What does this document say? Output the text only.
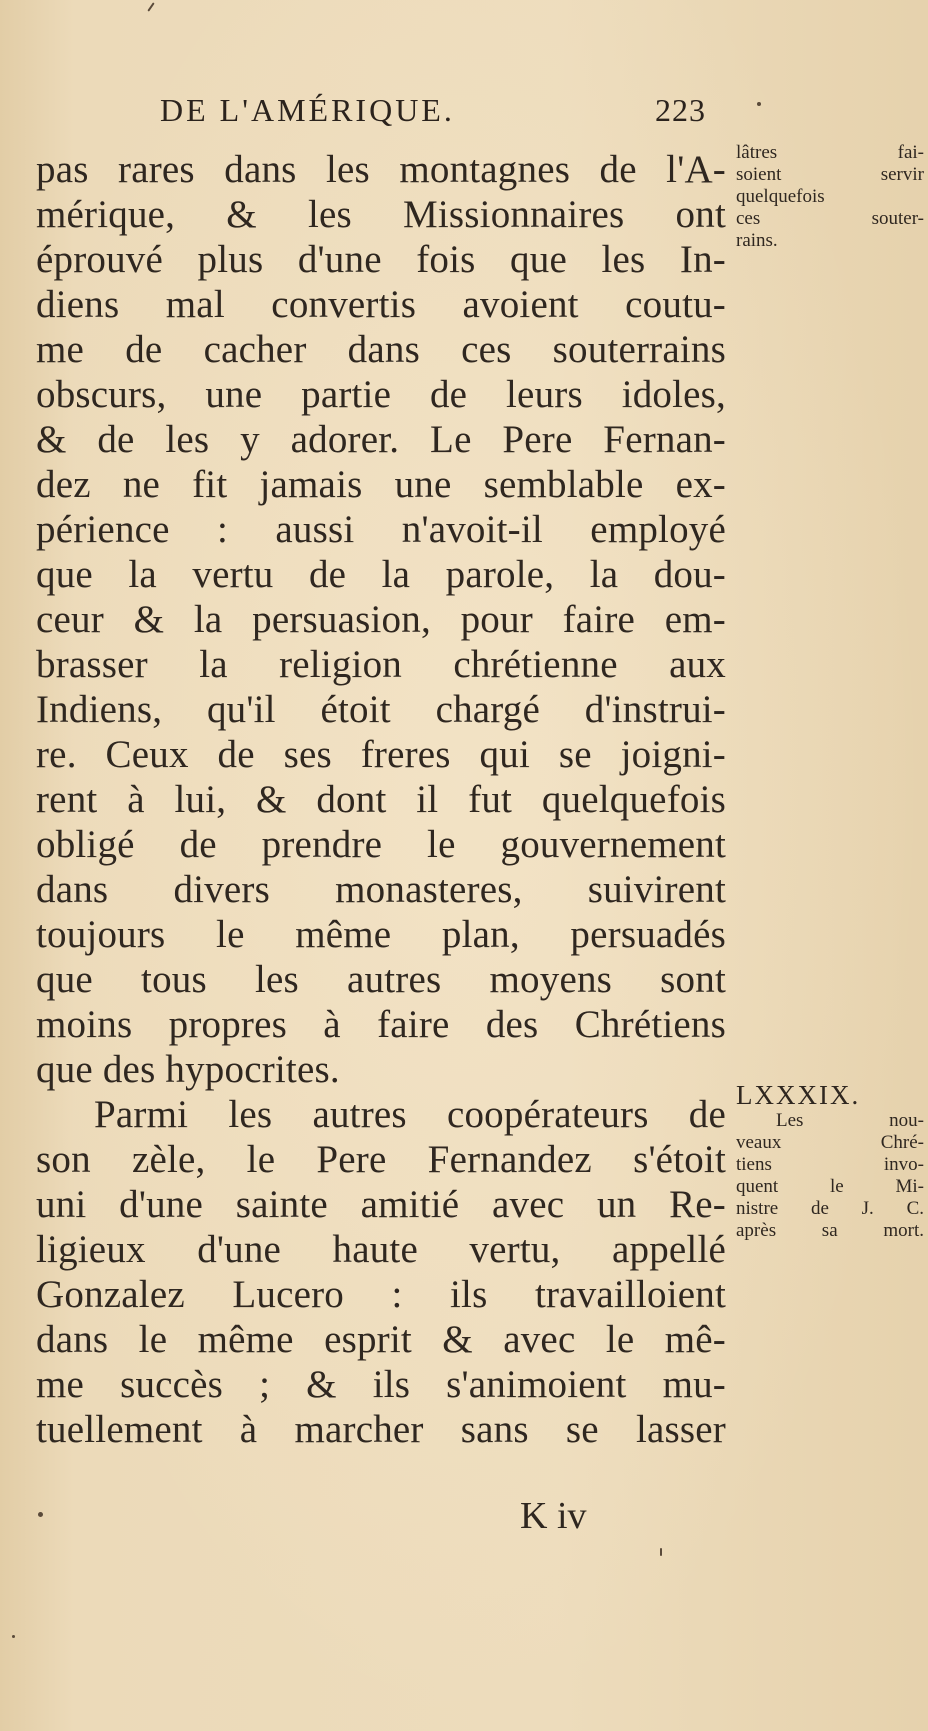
DE L'AMÉRIQUE.	223
pas rares dans les montagnes de l'A-
mérique, & les Missionnaires ont
éprouvé plus d'une fois que les In-
diens mal convertis avoient coutu-
me de cacher dans ces souterrains
obscurs, une partie de leurs idoles,
& de les y adorer. Le Pere Fernan-
dez ne fit jamais une semblable ex-
périence : aussi n'avoit-il employé
que la vertu de la parole, la dou-
ceur & la persuasion, pour faire em-
brasser la religion chrétienne aux
Indiens, qu'il étoit chargé d'instrui-
re. Ceux de ses freres qui se joigni-
rent à lui, & dont il fut quelquefois
obligé de prendre le gouvernement
dans divers monasteres, suivirent
toujours le même plan, persuadés
que tous les autres moyens sont
moins propres à faire des Chrétiens
que des hypocrites.
Parmi les autres coopérateurs de
son zèle, le Pere Fernandez s'étoit
uni d'une sainte amitié avec un Re-
ligieux d'une haute vertu, appellé
Gonzalez Lucero : ils travailloient
dans le même esprit & avec le mê-
me succès ; & ils s'animoient mu-
tuellement à marcher sans se lasser
lâtres fai-
soient servir
quelquefois
ces souter-
rains.
LXXXIX.
Les nou-
veaux Chré-
tiens invo-
quent le Mi-
nistre de J. C.
après sa mort.
K iv
